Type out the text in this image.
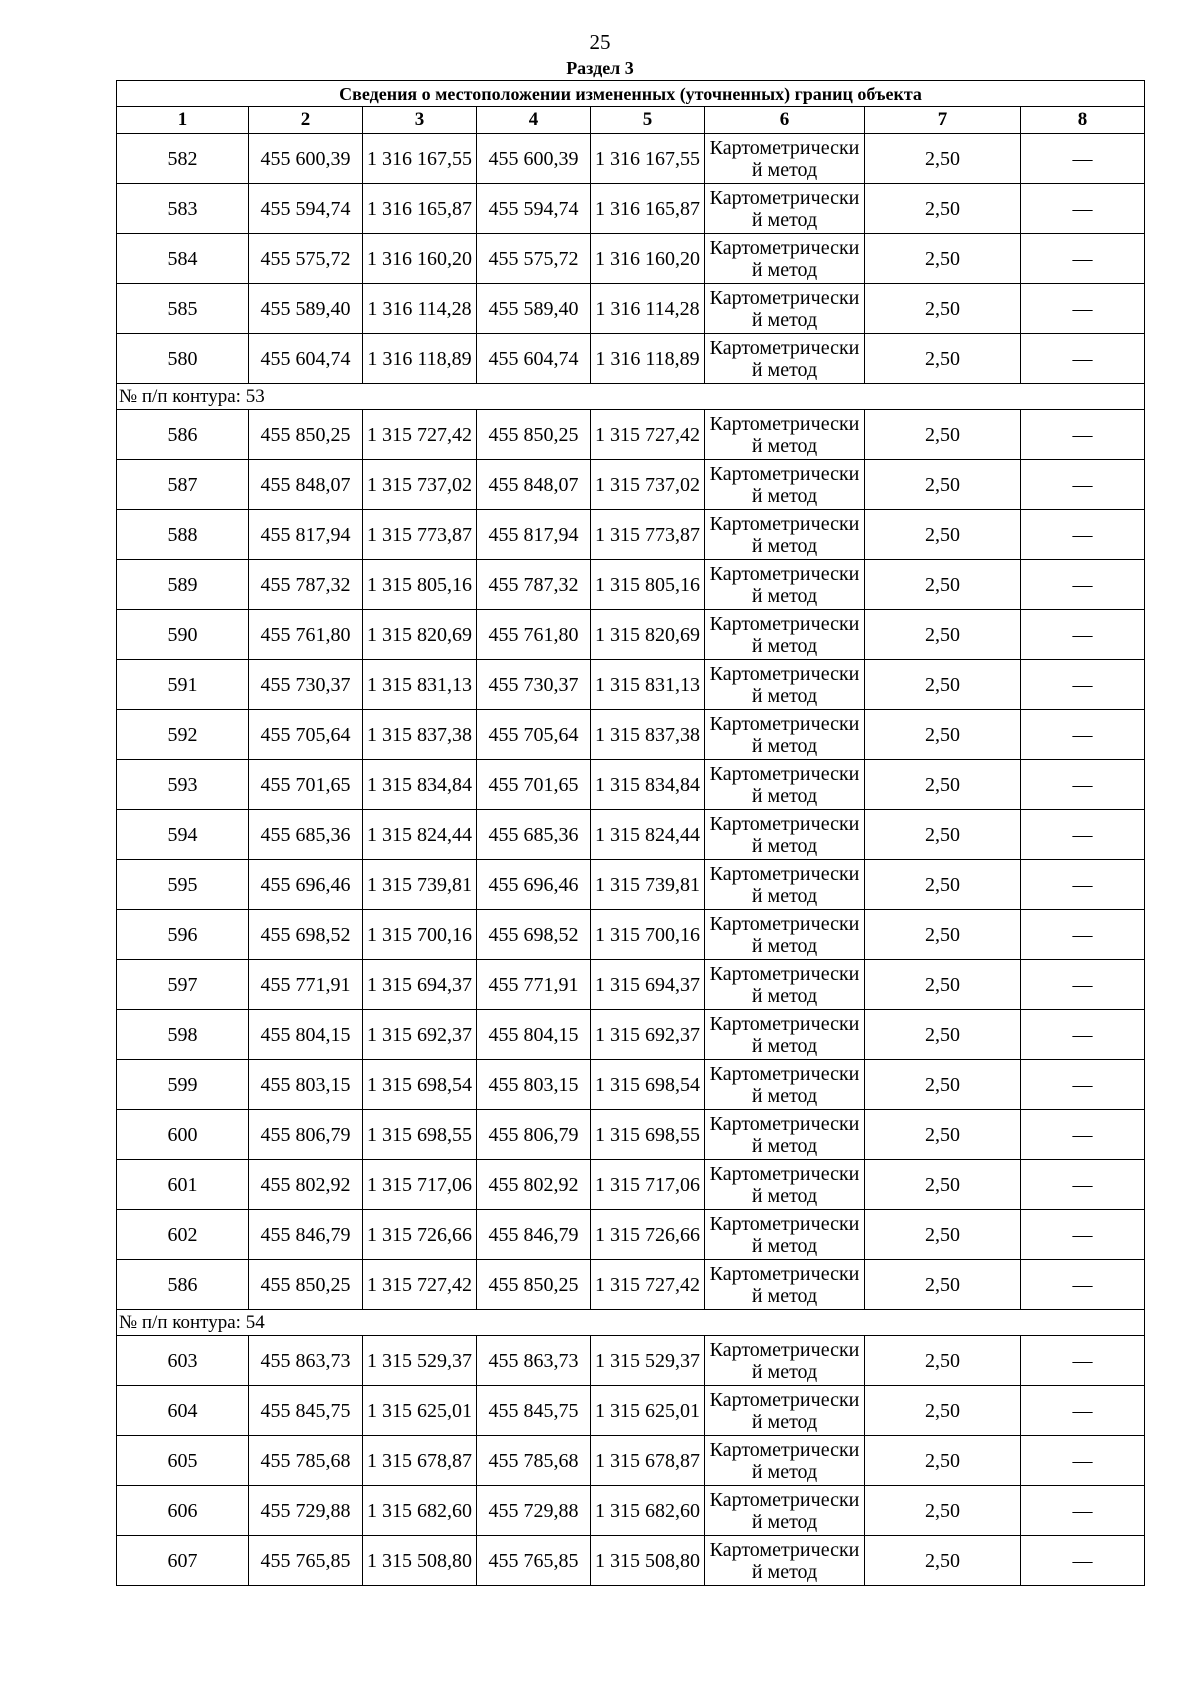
25
Раздел 3
Сведения о местоположении измененных (уточненных) границ объекта							
1	2	3	4	5	6	7	8
582	455 600,39	1 316 167,55	455 600,39	1 316 167,55	Картометрически й метод	2,50	—
583	455 594,74	1 316 165,87	455 594,74	1 316 165,87	Картометрически й метод	2,50	—
584	455 575,72	1 316 160,20	455 575,72	1 316 160,20	Картометрически й метод	2,50	—
585	455 589,40	1 316 114,28	455 589,40	1 316 114,28	Картометрически й метод	2,50	—
580	455 604,74	1 316 118,89	455 604,74	1 316 118,89	Картометрически й метод	2,50	—
№ п/п контура: 53							
586	455 850,25	1 315 727,42	455 850,25	1 315 727,42	Картометрически й метод	2,50	—
587	455 848,07	1 315 737,02	455 848,07	1 315 737,02	Картометрически й метод	2,50	—
588	455 817,94	1 315 773,87	455 817,94	1 315 773,87	Картометрически й метод	2,50	—
589	455 787,32	1 315 805,16	455 787,32	1 315 805,16	Картометрически й метод	2,50	—
590	455 761,80	1 315 820,69	455 761,80	1 315 820,69	Картометрически й метод	2,50	—
591	455 730,37	1 315 831,13	455 730,37	1 315 831,13	Картометрически й метод	2,50	—
592	455 705,64	1 315 837,38	455 705,64	1 315 837,38	Картометрически й метод	2,50	—
593	455 701,65	1 315 834,84	455 701,65	1 315 834,84	Картометрически й метод	2,50	—
594	455 685,36	1 315 824,44	455 685,36	1 315 824,44	Картометрически й метод	2,50	—
595	455 696,46	1 315 739,81	455 696,46	1 315 739,81	Картометрически й метод	2,50	—
596	455 698,52	1 315 700,16	455 698,52	1 315 700,16	Картометрически й метод	2,50	—
597	455 771,91	1 315 694,37	455 771,91	1 315 694,37	Картометрически й метод	2,50	—
598	455 804,15	1 315 692,37	455 804,15	1 315 692,37	Картометрически й метод	2,50	—
599	455 803,15	1 315 698,54	455 803,15	1 315 698,54	Картометрически й метод	2,50	—
600	455 806,79	1 315 698,55	455 806,79	1 315 698,55	Картометрически й метод	2,50	—
601	455 802,92	1 315 717,06	455 802,92	1 315 717,06	Картометрически й метод	2,50	—
602	455 846,79	1 315 726,66	455 846,79	1 315 726,66	Картометрически й метод	2,50	—
586	455 850,25	1 315 727,42	455 850,25	1 315 727,42	Картометрически й метод	2,50	—
№ п/п контура: 54							
603	455 863,73	1 315 529,37	455 863,73	1 315 529,37	Картометрически й метод	2,50	—
604	455 845,75	1 315 625,01	455 845,75	1 315 625,01	Картометрически й метод	2,50	—
605	455 785,68	1 315 678,87	455 785,68	1 315 678,87	Картометрически й метод	2,50	—
606	455 729,88	1 315 682,60	455 729,88	1 315 682,60	Картометрически й метод	2,50	—
607	455 765,85	1 315 508,80	455 765,85	1 315 508,80	Картометрически й метод	2,50	—
